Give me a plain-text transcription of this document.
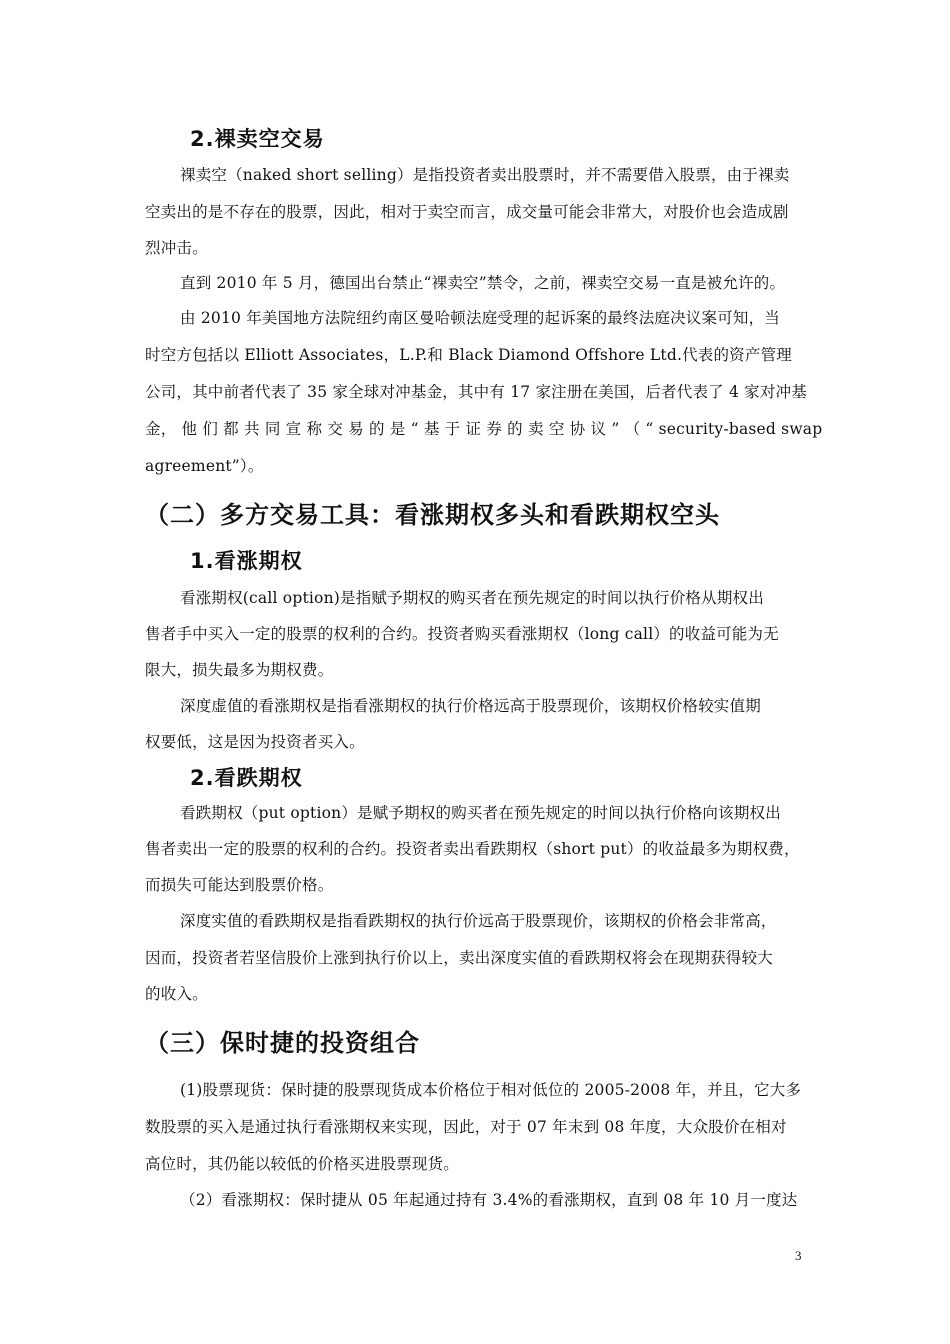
2.裸卖空交易
裸卖空（naked short selling）是指投资者卖出股票时，并不需要借入股票，由于裸卖
空卖出的是不存在的股票，因此，相对于卖空而言，成交量可能会非常大，对股价也会造成剧
烈冲击。
直到 2010 年 5 月，德国出台禁止“裸卖空”禁令，之前，裸卖空交易一直是被允许的。
由 2010 年美国地方法院纽约南区曼哈顿法庭受理的起诉案的最终法庭决议案可知，当
时空方包括以 Elliott Associates，L.P.和 Black Diamond Offshore Ltd.代表的资产管理
公司，其中前者代表了 35 家全球对冲基金，其中有 17 家注册在美国，后者代表了 4 家对冲基
金， 他 们 都 共 同 宣 称 交 易 的 是 “ 基 于 证 券 的 卖 空 协 议 ” （ “ security-based swap
agreement”）。
（二）多方交易工具：看涨期权多头和看跌期权空头
1.看涨期权
看涨期权(call option)是指赋予期权的购买者在预先规定的时间以执行价格从期权出
售者手中买入一定的股票的权利的合约。投资者购买看涨期权（long call）的收益可能为无
限大，损失最多为期权费。
深度虚值的看涨期权是指看涨期权的执行价格远高于股票现价，该期权价格较实值期
权要低，这是因为投资者买入。
2.看跌期权
看跌期权（put option）是赋予期权的购买者在预先规定的时间以执行价格向该期权出
售者卖出一定的股票的权利的合约。投资者卖出看跌期权（short put）的收益最多为期权费，
而损失可能达到股票价格。
深度实值的看跌期权是指看跌期权的执行价远高于股票现价，该期权的价格会非常高，
因而，投资者若坚信股价上涨到执行价以上，卖出深度实值的看跌期权将会在现期获得较大
的收入。
（三）保时捷的投资组合
(1)股票现货：保时捷的股票现货成本价格位于相对低位的 2005-2008 年，并且，它大多
数股票的买入是通过执行看涨期权来实现，因此，对于 07 年末到 08 年度，大众股价在相对
高位时，其仍能以较低的价格买进股票现货。
（2）看涨期权：保时捷从 05 年起通过持有 3.4%的看涨期权，直到 08 年 10 月一度达
3
